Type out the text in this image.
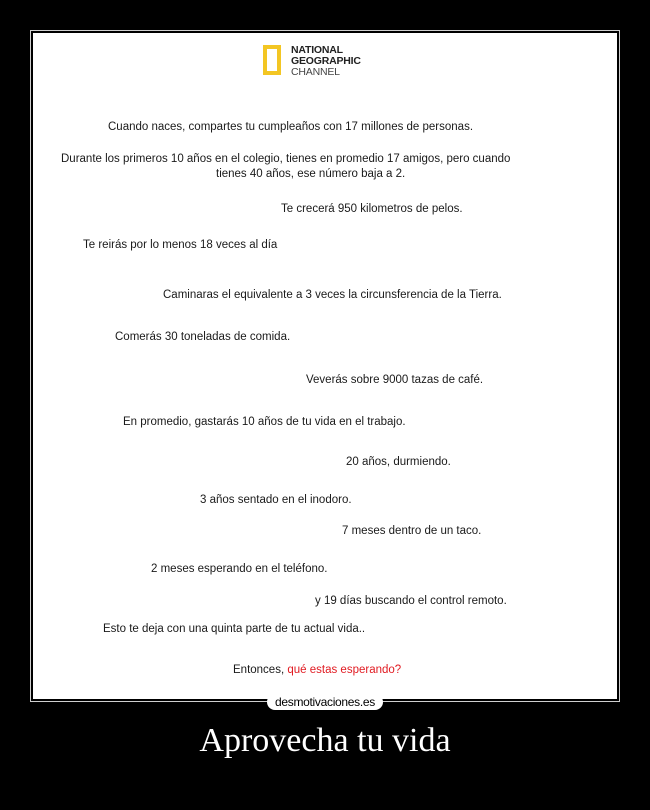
NATIONAL
GEOGRAPHIC
CHANNEL
Cuando naces, compartes tu cumpleaños con 17 millones de personas.
Durante los primeros 10 años en el colegio, tienes en promedio 17 amigos, pero cuando
tienes 40 años, ese número baja a 2.
Te crecerá 950 kilometros de pelos.
Te reirás por lo menos 18 veces al día
Caminaras el equivalente a 3 veces la circunsferencia de la Tierra.
Comerás 30 toneladas de comida.
Veverás sobre 9000 tazas de café.
En promedio, gastarás 10 años de tu vida en el trabajo.
20 años, durmiendo.
3 años sentado en el inodoro.
7 meses dentro de un taco.
2 meses esperando en el teléfono.
y 19 días buscando el control remoto.
Esto te deja con una quinta parte de tu actual vida..
Entonces, qué estas esperando?
desmotivaciones.es
Aprovecha tu vida
